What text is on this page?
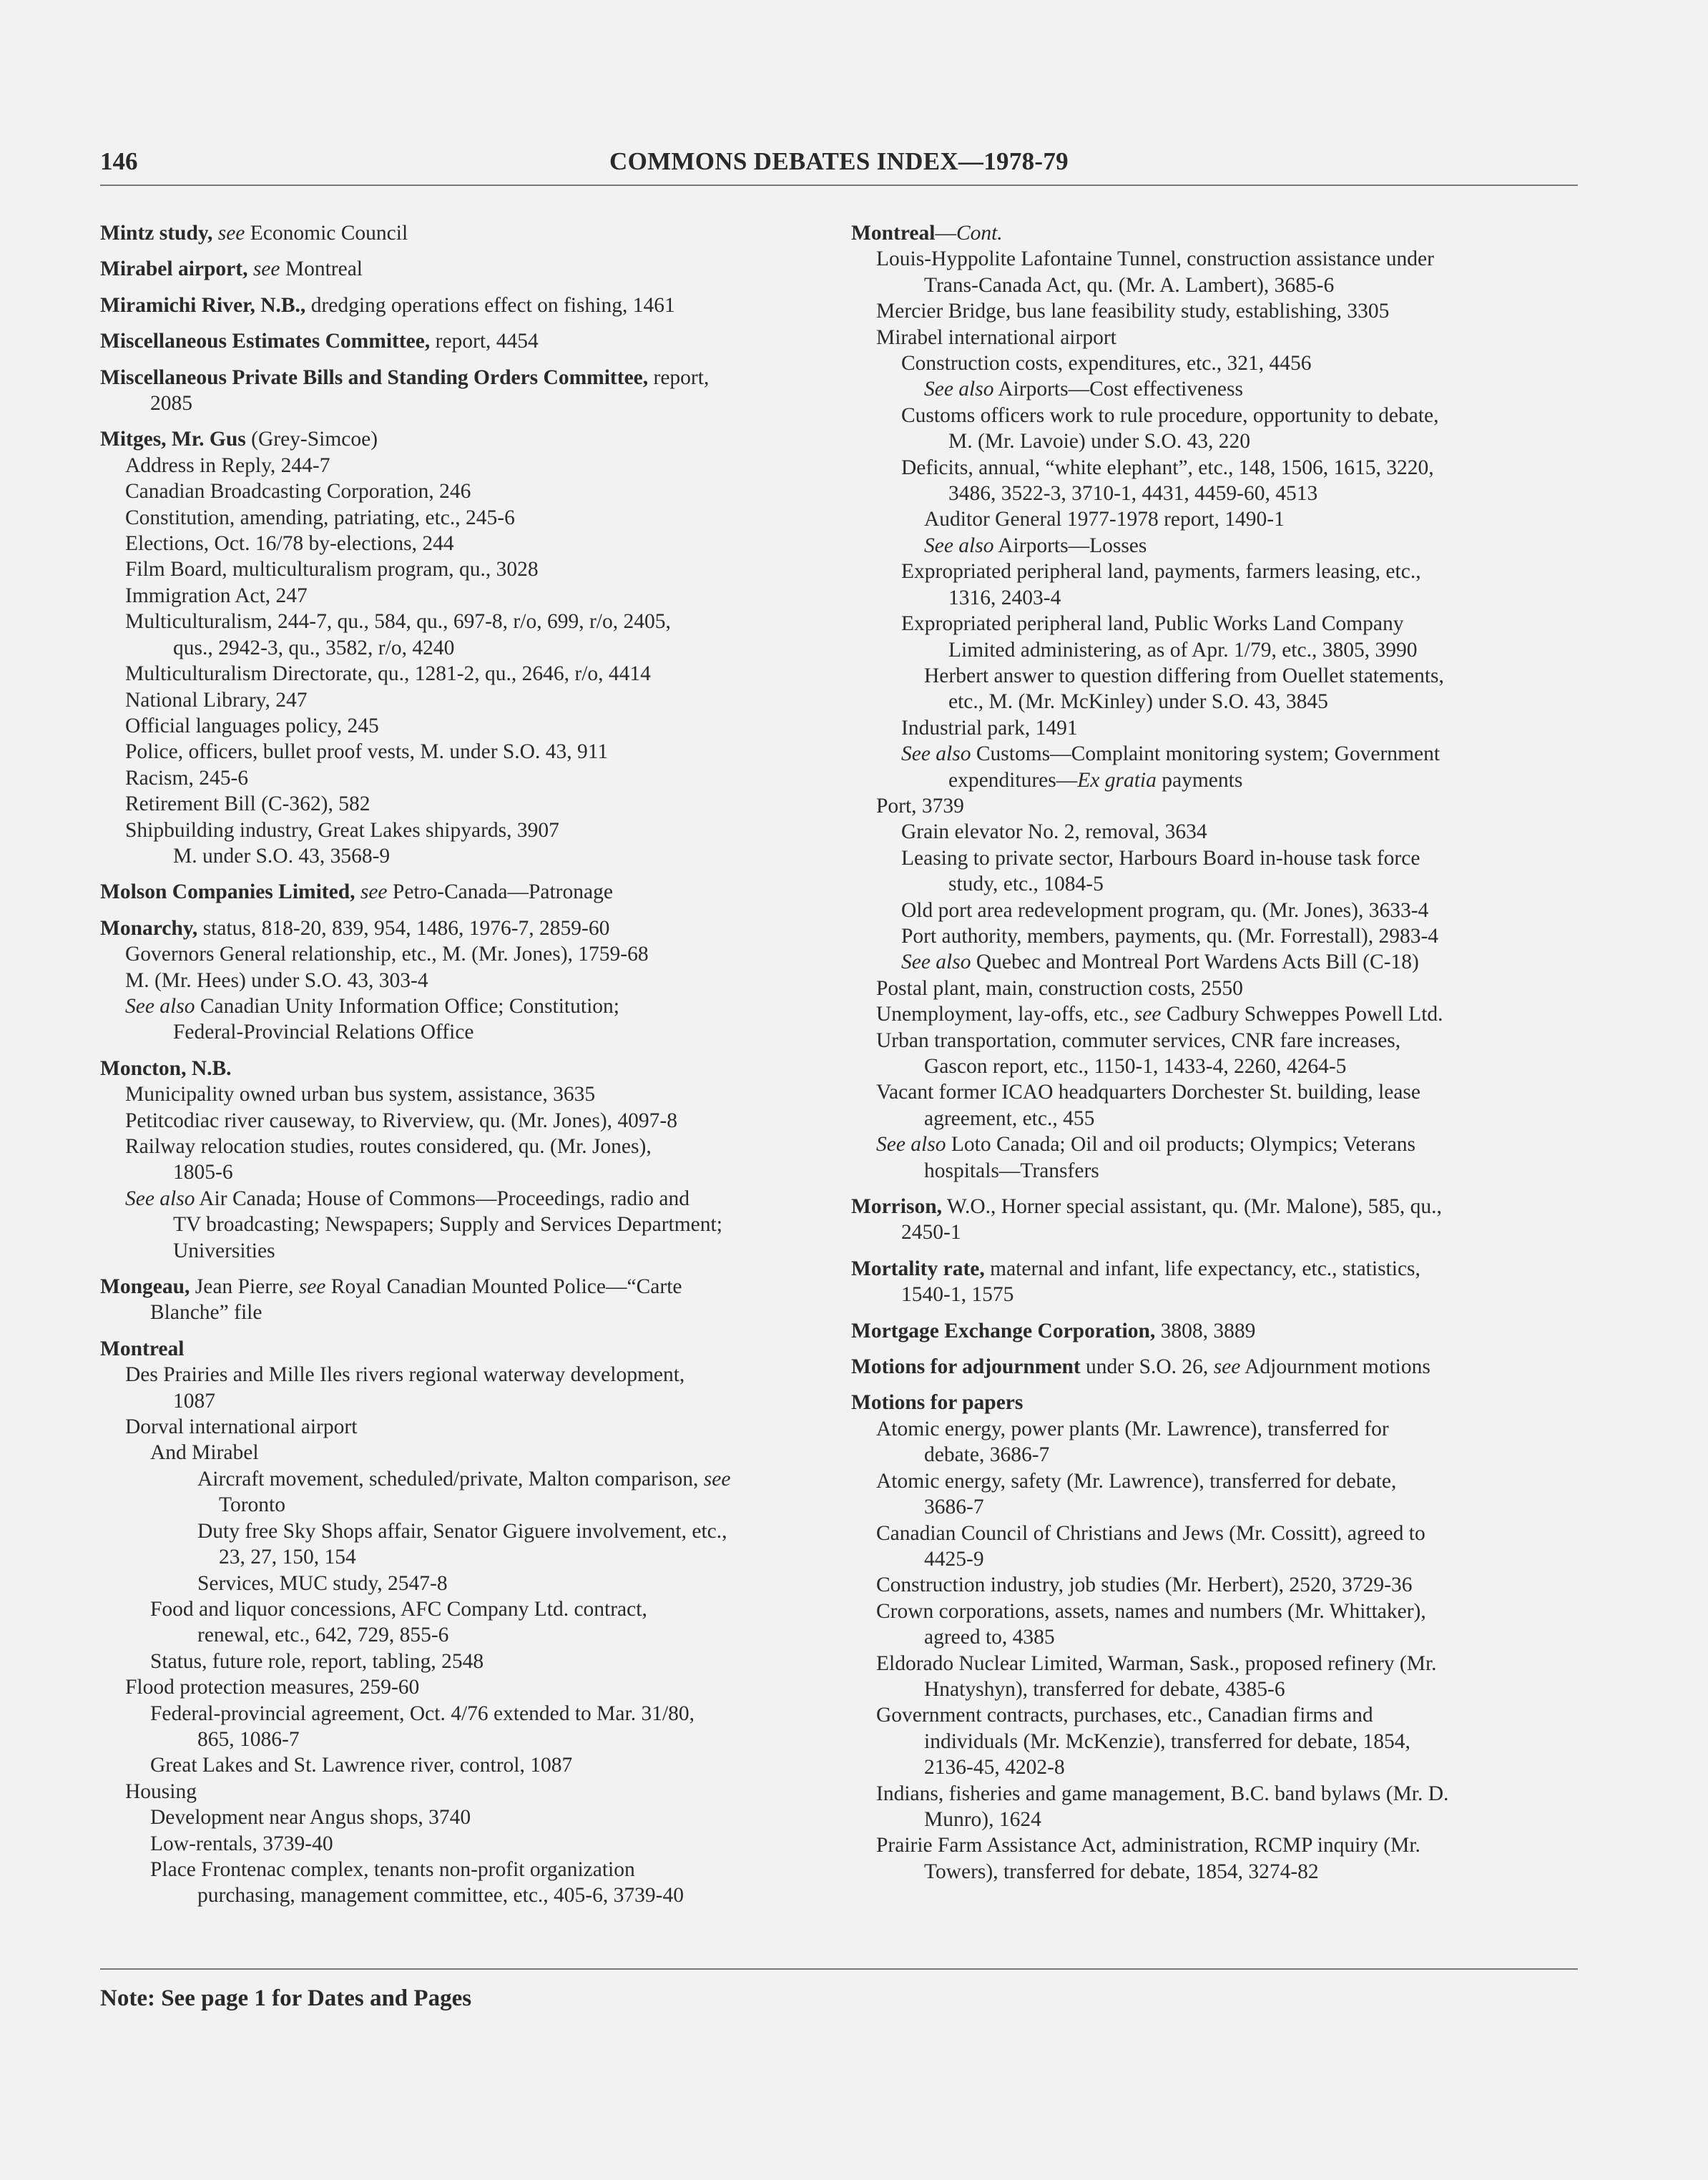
146	COMMONS DEBATES INDEX—1978-79
Mintz study, see Economic Council
Mirabel airport, see Montreal
Miramichi River, N.B., dredging operations effect on fishing, 1461
Miscellaneous Estimates Committee, report, 4454
Miscellaneous Private Bills and Standing Orders Committee, report,
2085
Mitges, Mr. Gus (Grey-Simcoe)
Address in Reply, 244-7
Canadian Broadcasting Corporation, 246
Constitution, amending, patriating, etc., 245-6
Elections, Oct. 16/78 by-elections, 244
Film Board, multiculturalism program, qu., 3028
Immigration Act, 247
Multiculturalism, 244-7, qu., 584, qu., 697-8, r/o, 699, r/o, 2405,
qus., 2942-3, qu., 3582, r/o, 4240
Multiculturalism Directorate, qu., 1281-2, qu., 2646, r/o, 4414
National Library, 247
Official languages policy, 245
Police, officers, bullet proof vests, M. under S.O. 43, 911
Racism, 245-6
Retirement Bill (C-362), 582
Shipbuilding industry, Great Lakes shipyards, 3907
M. under S.O. 43, 3568-9
Molson Companies Limited, see Petro-Canada—Patronage
Monarchy, status, 818-20, 839, 954, 1486, 1976-7, 2859-60
Governors General relationship, etc., M. (Mr. Jones), 1759-68
M. (Mr. Hees) under S.O. 43, 303-4
See also Canadian Unity Information Office; Constitution;
Federal-Provincial Relations Office
Moncton, N.B.
Municipality owned urban bus system, assistance, 3635
Petitcodiac river causeway, to Riverview, qu. (Mr. Jones), 4097-8
Railway relocation studies, routes considered, qu. (Mr. Jones),
1805-6
See also Air Canada; House of Commons—Proceedings, radio and
TV broadcasting; Newspapers; Supply and Services Department;
Universities
Mongeau, Jean Pierre, see Royal Canadian Mounted Police—“Carte
Blanche” file
Montreal
Des Prairies and Mille Iles rivers regional waterway development,
1087
Dorval international airport
And Mirabel
Aircraft movement, scheduled/private, Malton comparison, see
Toronto
Duty free Sky Shops affair, Senator Giguere involvement, etc.,
23, 27, 150, 154
Services, MUC study, 2547-8
Food and liquor concessions, AFC Company Ltd. contract,
renewal, etc., 642, 729, 855-6
Status, future role, report, tabling, 2548
Flood protection measures, 259-60
Federal-provincial agreement, Oct. 4/76 extended to Mar. 31/80,
865, 1086-7
Great Lakes and St. Lawrence river, control, 1087
Housing
Development near Angus shops, 3740
Low-rentals, 3739-40
Place Frontenac complex, tenants non-profit organization
purchasing, management committee, etc., 405-6, 3739-40
Montreal—Cont.
Louis-Hyppolite Lafontaine Tunnel, construction assistance under
Trans-Canada Act, qu. (Mr. A. Lambert), 3685-6
Mercier Bridge, bus lane feasibility study, establishing, 3305
Mirabel international airport
Construction costs, expenditures, etc., 321, 4456
See also Airports—Cost effectiveness
Customs officers work to rule procedure, opportunity to debate,
M. (Mr. Lavoie) under S.O. 43, 220
Deficits, annual, “white elephant”, etc., 148, 1506, 1615, 3220,
3486, 3522-3, 3710-1, 4431, 4459-60, 4513
Auditor General 1977-1978 report, 1490-1
See also Airports—Losses
Expropriated peripheral land, payments, farmers leasing, etc.,
1316, 2403-4
Expropriated peripheral land, Public Works Land Company
Limited administering, as of Apr. 1/79, etc., 3805, 3990
Herbert answer to question differing from Ouellet statements,
etc., M. (Mr. McKinley) under S.O. 43, 3845
Industrial park, 1491
See also Customs—Complaint monitoring system; Government
expenditures—Ex gratia payments
Port, 3739
Grain elevator No. 2, removal, 3634
Leasing to private sector, Harbours Board in-house task force
study, etc., 1084-5
Old port area redevelopment program, qu. (Mr. Jones), 3633-4
Port authority, members, payments, qu. (Mr. Forrestall), 2983-4
See also Quebec and Montreal Port Wardens Acts Bill (C-18)
Postal plant, main, construction costs, 2550
Unemployment, lay-offs, etc., see Cadbury Schweppes Powell Ltd.
Urban transportation, commuter services, CNR fare increases,
Gascon report, etc., 1150-1, 1433-4, 2260, 4264-5
Vacant former ICAO headquarters Dorchester St. building, lease
agreement, etc., 455
See also Loto Canada; Oil and oil products; Olympics; Veterans
hospitals—Transfers
Morrison, W.O., Horner special assistant, qu. (Mr. Malone), 585, qu.,
2450-1
Mortality rate, maternal and infant, life expectancy, etc., statistics,
1540-1, 1575
Mortgage Exchange Corporation, 3808, 3889
Motions for adjournment under S.O. 26, see Adjournment motions
Motions for papers
Atomic energy, power plants (Mr. Lawrence), transferred for
debate, 3686-7
Atomic energy, safety (Mr. Lawrence), transferred for debate,
3686-7
Canadian Council of Christians and Jews (Mr. Cossitt), agreed to
4425-9
Construction industry, job studies (Mr. Herbert), 2520, 3729-36
Crown corporations, assets, names and numbers (Mr. Whittaker),
agreed to, 4385
Eldorado Nuclear Limited, Warman, Sask., proposed refinery (Mr.
Hnatyshyn), transferred for debate, 4385-6
Government contracts, purchases, etc., Canadian firms and
individuals (Mr. McKenzie), transferred for debate, 1854,
2136-45, 4202-8
Indians, fisheries and game management, B.C. band bylaws (Mr. D.
Munro), 1624
Prairie Farm Assistance Act, administration, RCMP inquiry (Mr.
Towers), transferred for debate, 1854, 3274-82
Note: See page 1 for Dates and Pages
